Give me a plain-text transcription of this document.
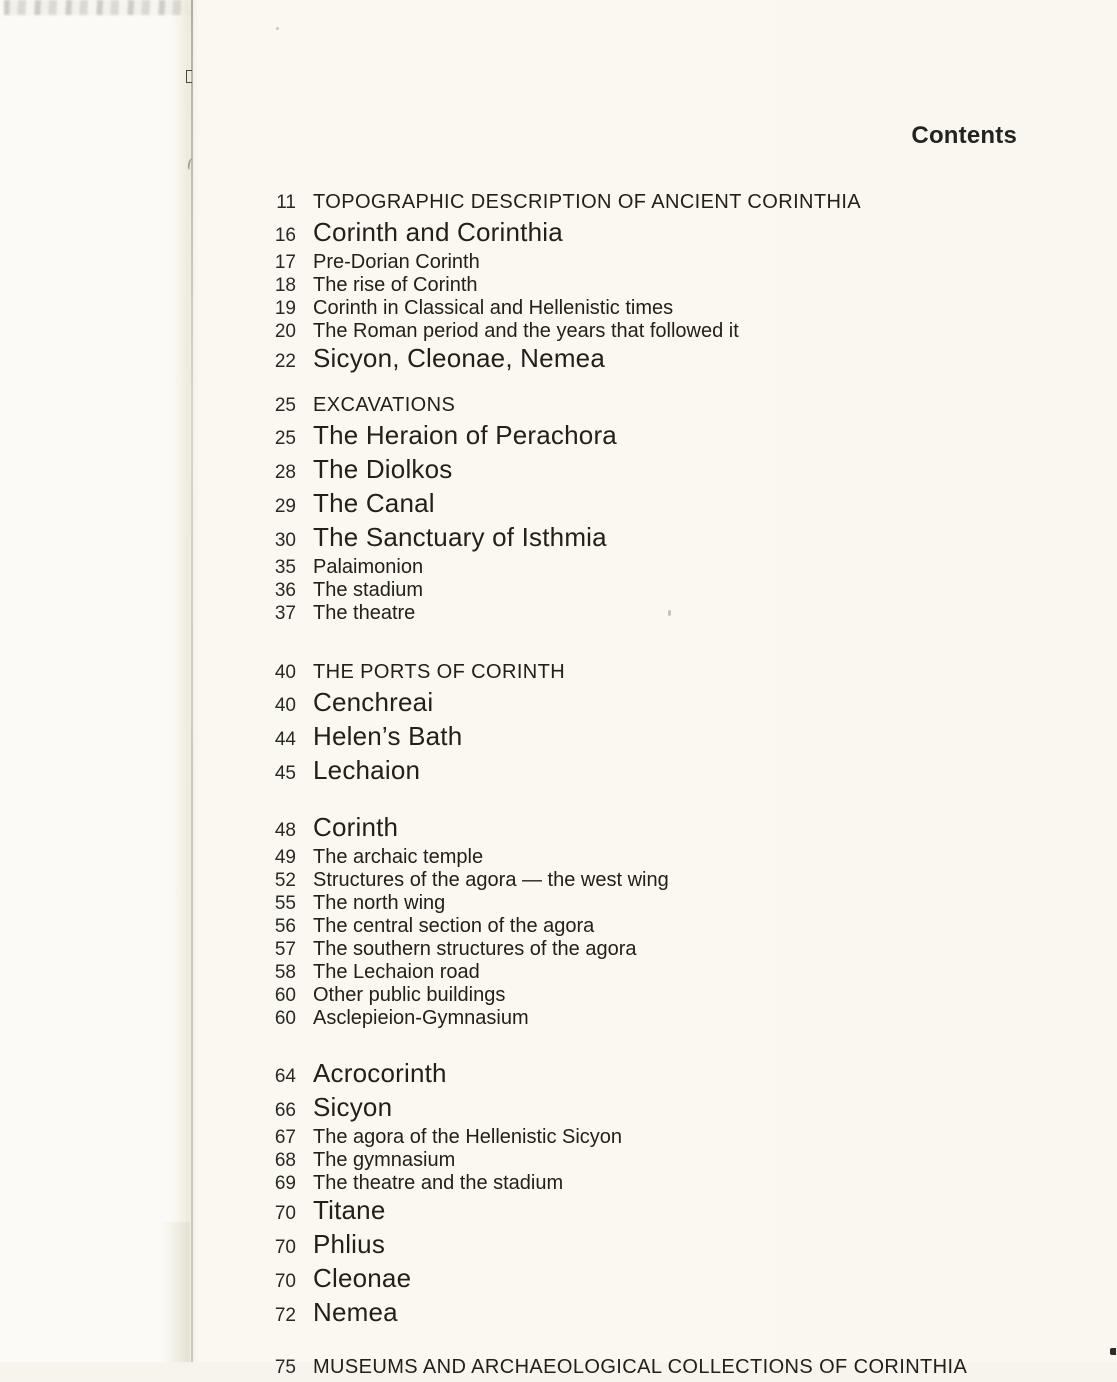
Contents
11 TOPOGRAPHIC DESCRIPTION OF ANCIENT CORINTHIA
16 Corinth and Corinthia
17 Pre-Dorian Corinth
18 The rise of Corinth
19 Corinth in Classical and Hellenistic times
20 The Roman period and the years that followed it
22 Sicyon, Cleonae, Nemea
25 EXCAVATIONS
25 The Heraion of Perachora
28 The Diolkos
29 The Canal
30 The Sanctuary of Isthmia
35 Palaimonion
36 The stadium
37 The theatre
40 THE PORTS OF CORINTH
40 Cenchreai
44 Helen’s Bath
45 Lechaion
48 Corinth
49 The archaic temple
52 Structures of the agora — the west wing
55 The north wing
56 The central section of the agora
57 The southern structures of the agora
58 The Lechaion road
60 Other public buildings
60 Asclepieion-Gymnasium
64 Acrocorinth
66 Sicyon
67 The agora of the Hellenistic Sicyon
68 The gymnasium
69 The theatre and the stadium
70 Titane
70 Phlius
70 Cleonae
72 Nemea
75 MUSEUMS AND ARCHAEOLOGICAL COLLECTIONS OF CORINTHIA
